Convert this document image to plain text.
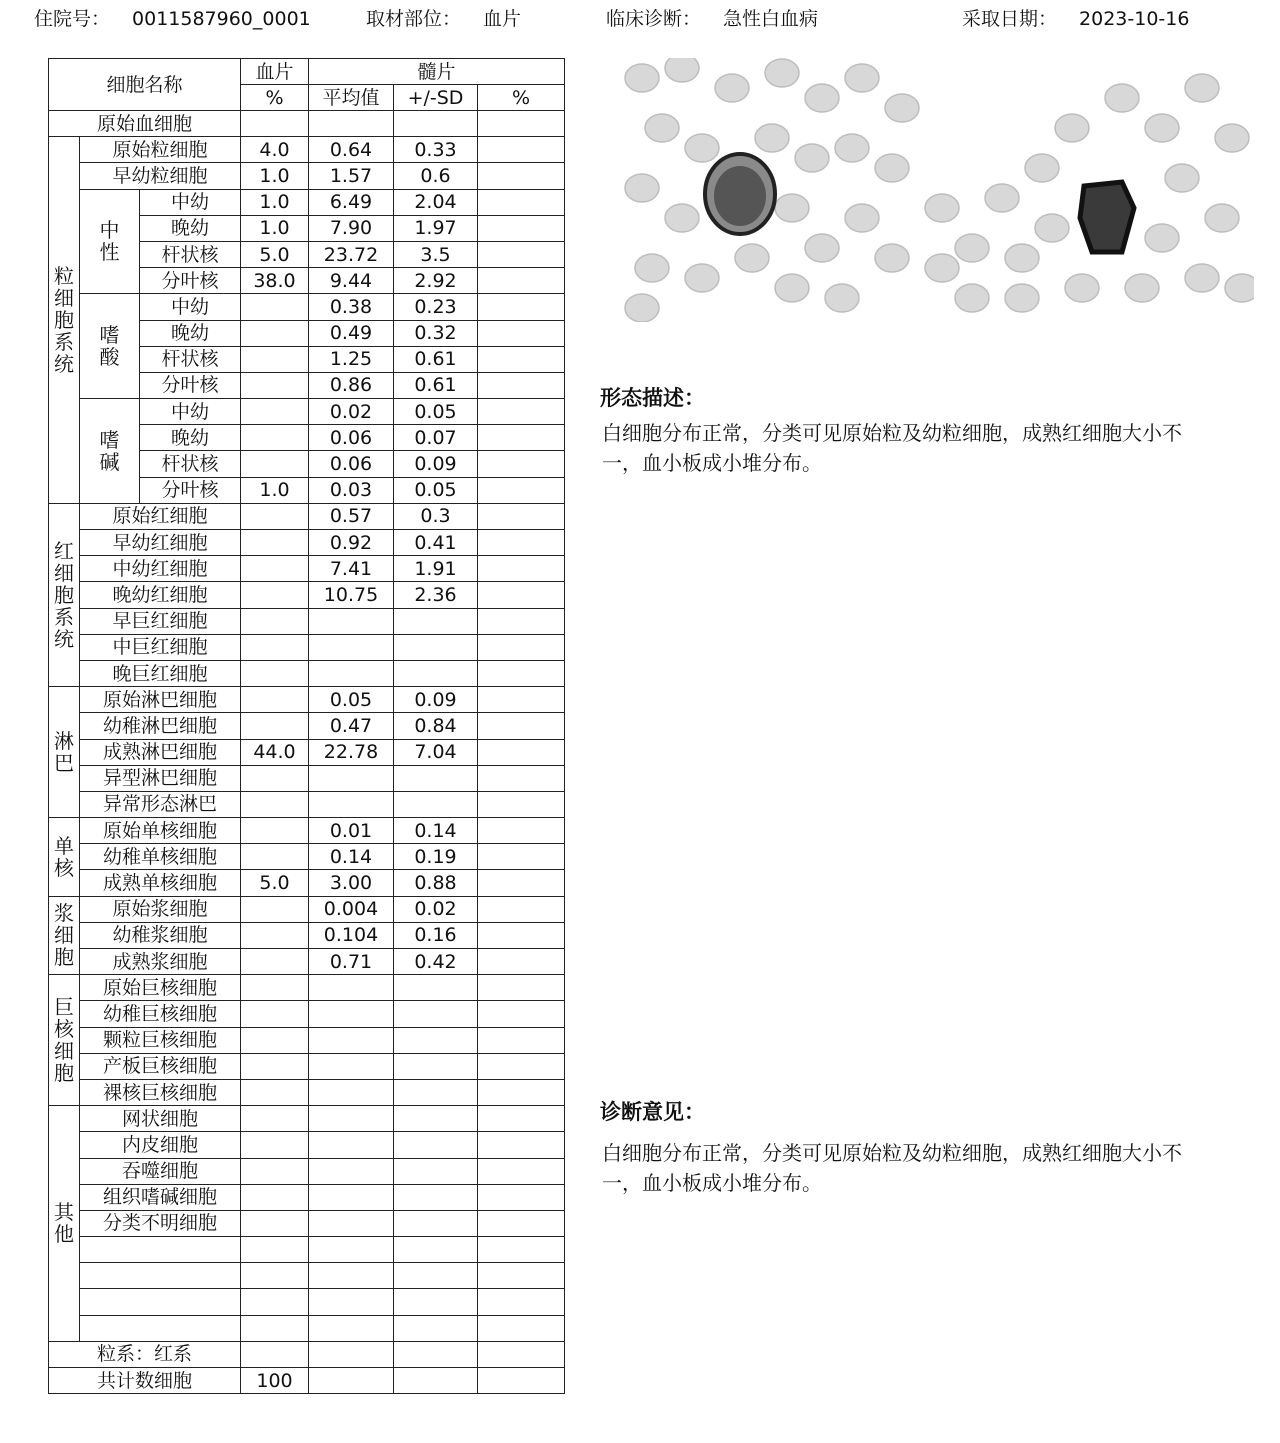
住院号： 0011587960_0001	取材部位： 血片	临床诊断： 急性白血病	采取日期： 2023-10-16
细胞名称			血片	髓片		
			%	平均值	+/-SD	%
原始血细胞						
粒细胞系统	原始粒细胞		4.0	0.64	0.33	
	早幼粒细胞		1.0	1.57	0.6	
	中性	中幼	1.0	6.49	2.04	
		晚幼	1.0	7.90	1.97	
		杆状核	5.0	23.72	3.5	
		分叶核	38.0	9.44	2.92	
	嗜酸	中幼		0.38	0.23	
		晚幼		0.49	0.32	
		杆状核		1.25	0.61	
		分叶核		0.86	0.61	
	嗜碱	中幼		0.02	0.05	
		晚幼		0.06	0.07	
		杆状核		0.06	0.09	
		分叶核	1.0	0.03	0.05	
红细胞系统	原始红细胞			0.57	0.3	
	早幼红细胞			0.92	0.41	
	中幼红细胞			7.41	1.91	
	晚幼红细胞			10.75	2.36	
	早巨红细胞					
	中巨红细胞					
	晚巨红细胞					
淋巴	原始淋巴细胞			0.05	0.09	
	幼稚淋巴细胞			0.47	0.84	
	成熟淋巴细胞		44.0	22.78	7.04	
	异型淋巴细胞					
	异常形态淋巴					
单核	原始单核细胞			0.01	0.14	
	幼稚单核细胞			0.14	0.19	
	成熟单核细胞		5.0	3.00	0.88	
浆细胞	原始浆细胞			0.004	0.02	
	幼稚浆细胞			0.104	0.16	
	成熟浆细胞			0.71	0.42	
巨核细胞	原始巨核细胞					
	幼稚巨核细胞					
	颗粒巨核细胞					
	产板巨核细胞					
	裸核巨核细胞					
其他	网状细胞					
	内皮细胞					
	吞噬细胞					
	组织嗜碱细胞					
	分类不明细胞					

粒系：红系						
共计数细胞			100			
形态描述：
白细胞分布正常，分类可见原始粒及幼粒细胞，成熟红细胞大小不一，血小板成小堆分布。
诊断意见：
白细胞分布正常，分类可见原始粒及幼粒细胞，成熟红细胞大小不一，血小板成小堆分布。
